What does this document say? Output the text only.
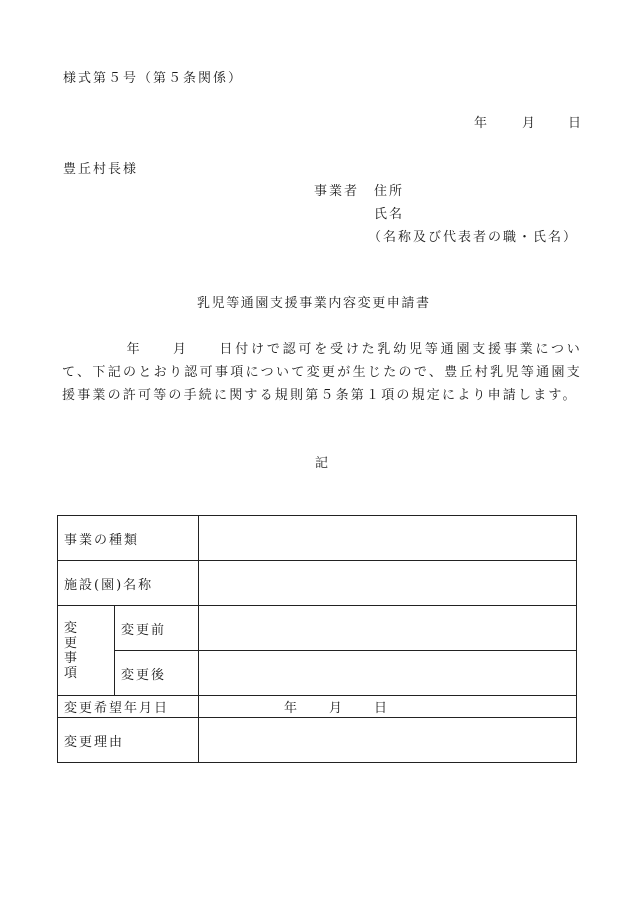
様式第５号（第５条関係）
年	月 日
豊丘村長様
事業者 住所
氏名
（名称及び代表者の職・氏名）
乳児等通園支援事業内容変更申請書
年 月 日付けで認可を受けた乳幼児等通園支援事業について、下記のとおり認可事項について変更が生じたので、豊丘村乳児等通園支援事業の許可等の手続に関する規則第５条第１項の規定により申請します。
記
事業の種類		
施設(園)名称		

変更事項	変更前	
	変更後	
変更希望年月日		年 月 日
変更理由		
